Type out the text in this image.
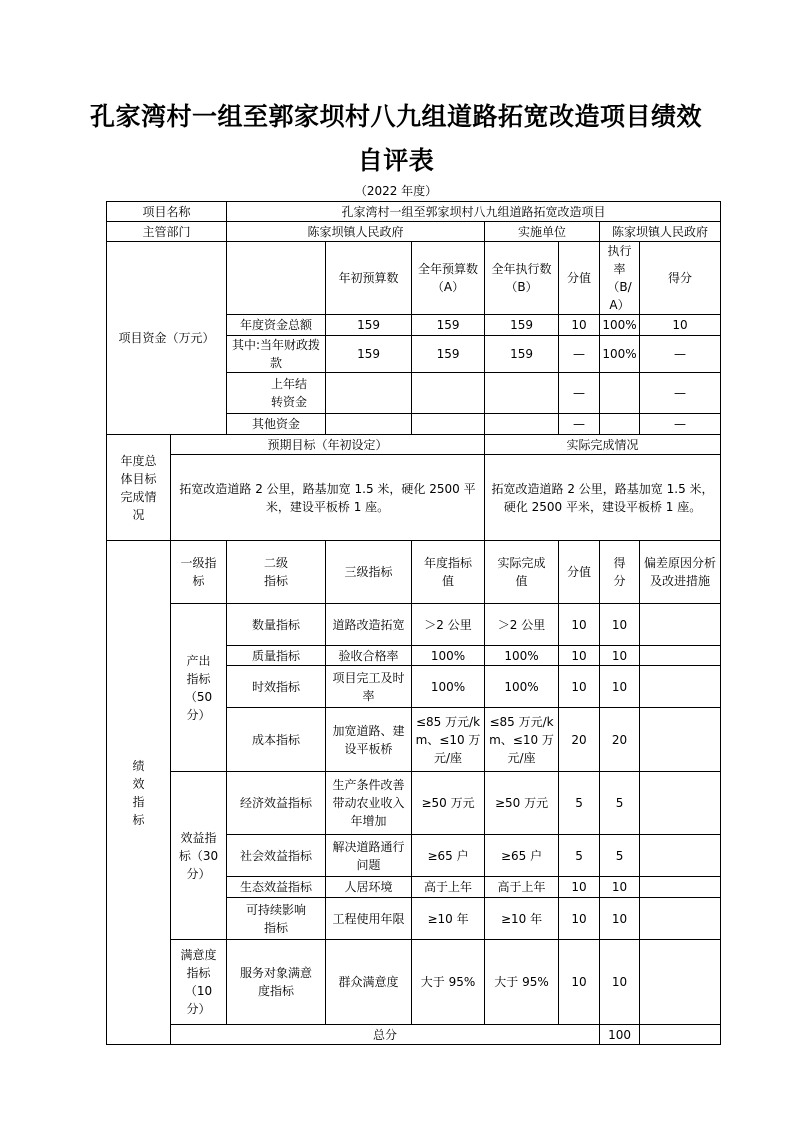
孔家湾村一组至郭家坝村八九组道路拓宽改造项目绩效
自评表
（2022 年度）
项目名称		孔家湾村一组至郭家坝村八九组道路拓宽改造项目							
主管部门		陈家坝镇人民政府			实施单位		陈家坝镇人民政府		
项目资金（万元）			年初预算数	全年预算数（A）	全年执行数（B）	分值	执行率（B/A）	得分	
		年度资金总额	159	159	159	10	100%	10	
		其中:当年财政拨款	159	159	159	—	100%	—	
		上年结转资金				—		—	
		其他资金				—		—	
年度总体目标完成情况	预期目标（年初设定）				实际完成情况				
	拓宽改造道路 2 公里，路基加宽 1.5 米，硬化 2500 平米，建设平板桥 1 座。				拓宽改造道路 2 公里，路基加宽 1.5 米，硬化 2500 平米，建设平板桥 1 座。				
绩效指标	一级指标	二级指标	三级指标	年度指标值	实际完成值	分值	得分	偏差原因分析及改进措施	
	产出指标（50 分）	数量指标	道路改造拓宽	＞2 公里	＞2 公里	10	10		
		质量指标	验收合格率	100%	100%	10	10		
		时效指标	项目完工及时率	100%	100%	10	10		
		成本指标	加宽道路、建设平板桥	≤85 万元/km、≤10 万元/座	≤85 万元/km、≤10 万元/座	20	20		
	效益指标（30 分）	经济效益指标	生产条件改善带动农业收入年增加	≥50 万元	≥50 万元	5	5		
		社会效益指标	解决道路通行问题	≥65 户	≥65 户	5	5		
		生态效益指标	人居环境	高于上年	高于上年	10	10		
		可持续影响指标	工程使用年限	≥10 年	≥10 年	10	10		
	满意度指标（10 分）	服务对象满意度指标	群众满意度	大于 95%	大于 95%	10	10		
	总分						100		
